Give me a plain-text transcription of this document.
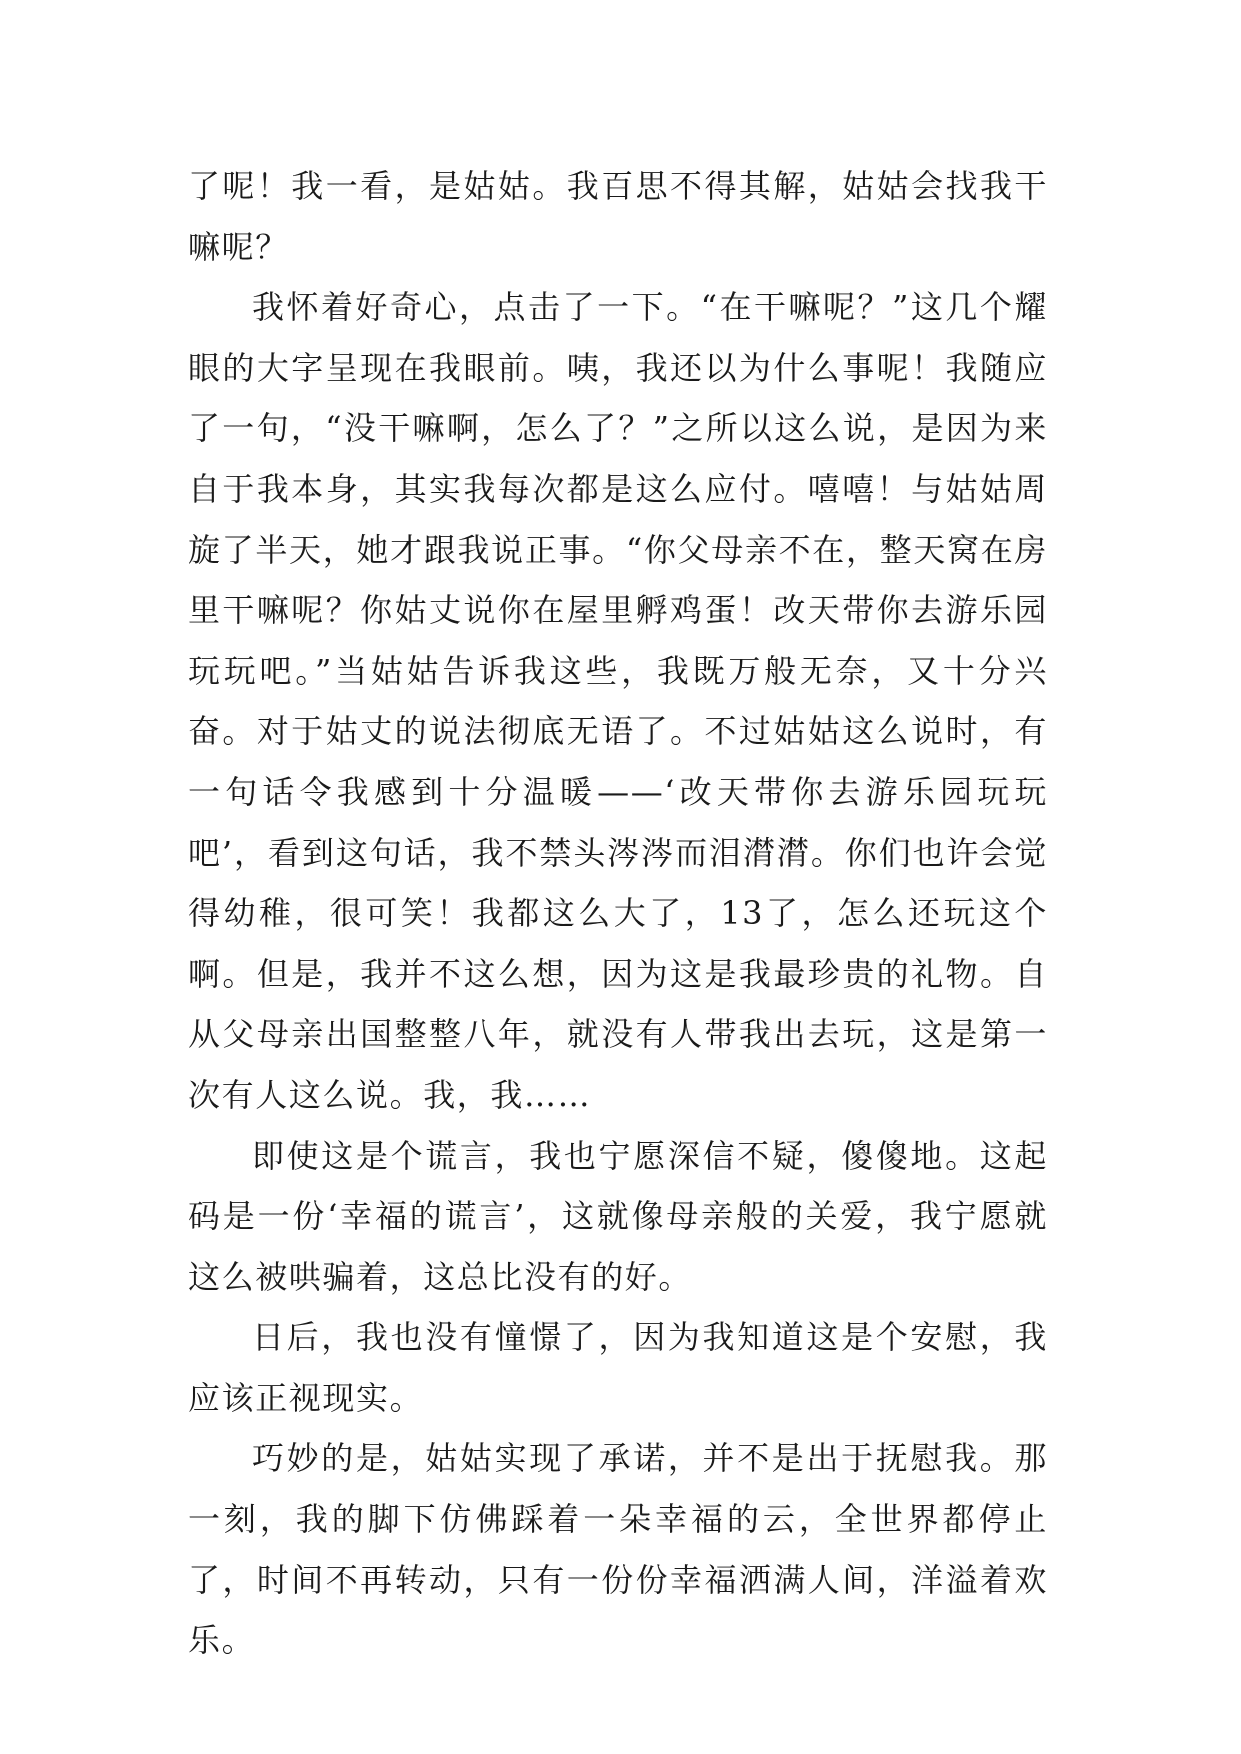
了呢！我一看，是姑姑。我百思不得其解，姑姑会找我干嘛呢？

我怀着好奇心，点击了一下。“在干嘛呢？”这几个耀眼的大字呈现在我眼前。咦，我还以为什么事呢！我随应了一句，“没干嘛啊，怎么了？”之所以这么说，是因为来自于我本身，其实我每次都是这么应付。嘻嘻！与姑姑周旋了半天，她才跟我说正事。“你父母亲不在，整天窝在房里干嘛呢？你姑丈说你在屋里孵鸡蛋！改天带你去游乐园玩玩吧。”当姑姑告诉我这些，我既万般无奈，又十分兴奋。对于姑丈的说法彻底无语了。不过姑姑这么说时，有一句话令我感到十分温暖——‘改天带你去游乐园玩玩吧’，看到这句话，我不禁头涔涔而泪潸潸。你们也许会觉得幼稚，很可笑！我都这么大了，13了，怎么还玩这个啊。但是，我并不这么想，因为这是我最珍贵的礼物。自从父母亲出国整整八年，就没有人带我出去玩，这是第一次有人这么说。我，我……

即使这是个谎言，我也宁愿深信不疑，傻傻地。这起码是一份‘幸福的谎言’，这就像母亲般的关爱，我宁愿就这么被哄骗着，这总比没有的好。

日后，我也没有憧憬了，因为我知道这是个安慰，我应该正视现实。

巧妙的是，姑姑实现了承诺，并不是出于抚慰我。那一刻，我的脚下仿佛踩着一朵幸福的云，全世界都停止了，时间不再转动，只有一份份幸福洒满人间，洋溢着欢乐。
